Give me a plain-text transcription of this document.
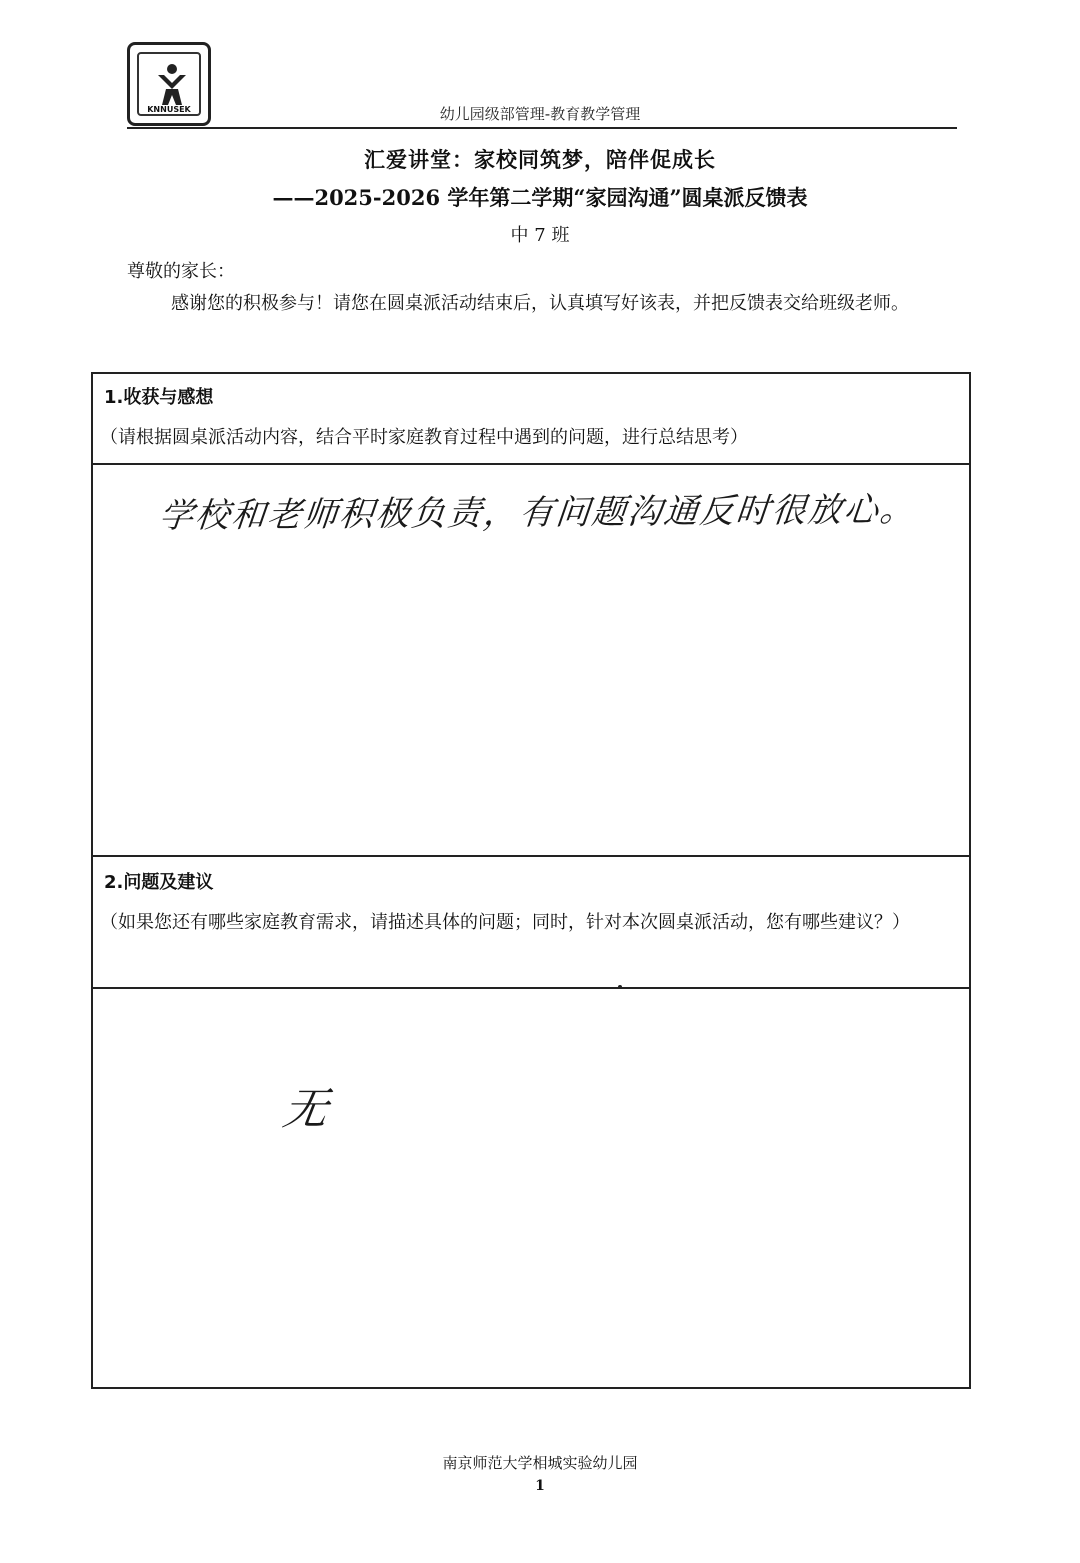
KNNUSEK	幼儿园级部管理-教育教学管理
汇爱讲堂：家校同筑梦，陪伴促成长
——2025-2026 学年第二学期“家园沟通”圆桌派反馈表
中 7 班
尊敬的家长：
感谢您的积极参与！请您在圆桌派活动结束后，认真填写好该表，并把反馈表交给班级老师。
1.收获与感想
（请根据圆桌派活动内容，结合平时家庭教育过程中遇到的问题，进行总结思考）
学校和老师积极负责，有问题沟通反时很放心。
2.问题及建议
（如果您还有哪些家庭教育需求，请描述具体的问题；同时，针对本次圆桌派活动，您有哪些建议？）
无
南京师范大学相城实验幼儿园
1
